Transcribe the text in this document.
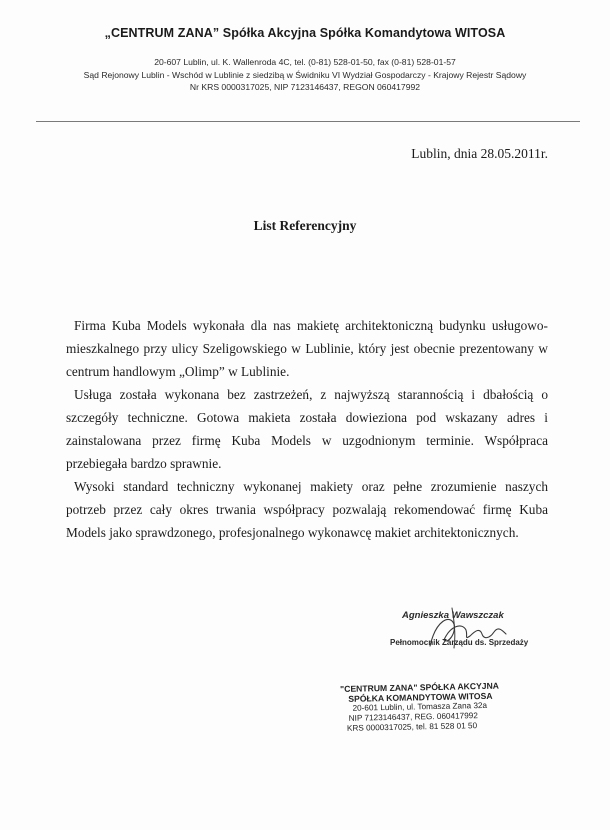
„CENTRUM ZANA” Spółka Akcyjna Spółka Komandytowa WITOSA
20-607 Lublin, ul. K. Wallenroda 4C, tel. (0-81) 528-01-50, fax (0-81) 528-01-57
Sąd Rejonowy Lublin - Wschód w Lublinie z siedzibą w Świdniku VI Wydział Gospodarczy - Krajowy Rejestr Sądowy
Nr KRS 0000317025, NIP 7123146437, REGON 060417992
Lublin, dnia 28.05.2011r.
List Referencyjny

Firma Kuba Models wykonała dla nas makietę architektoniczną budynku usługowo-mieszkalnego przy ulicy Szeligowskiego w Lublinie, który jest obecnie prezentowany w centrum handlowym „Olimp” w Lublinie.

Usługa została wykonana bez zastrzeżeń, z najwyższą starannością i dbałością o szczegóły techniczne. Gotowa makieta została dowieziona pod wskazany adres i zainstalowana przez firmę Kuba Models w uzgodnionym terminie. Współpraca przebiegała bardzo sprawnie.

Wysoki standard techniczny wykonanej makiety oraz pełne zrozumienie naszych potrzeb przez cały okres trwania współpracy pozwalają rekomendować firmę Kuba Models jako sprawdzonego, profesjonalnego wykonawcę makiet architektonicznych.

Agnieszka Wawszczak
Pełnomocnik Zarządu ds. Sprzedaży
"CENTRUM ZANA" SPÓŁKA AKCYJNA
SPÓŁKA KOMANDYTOWA WITOSA
20-601 Lublin, ul. Tomasza Zana 32a
NIP 7123146437, REG. 060417992
KRS 0000317025, tel. 81 528 01 50
